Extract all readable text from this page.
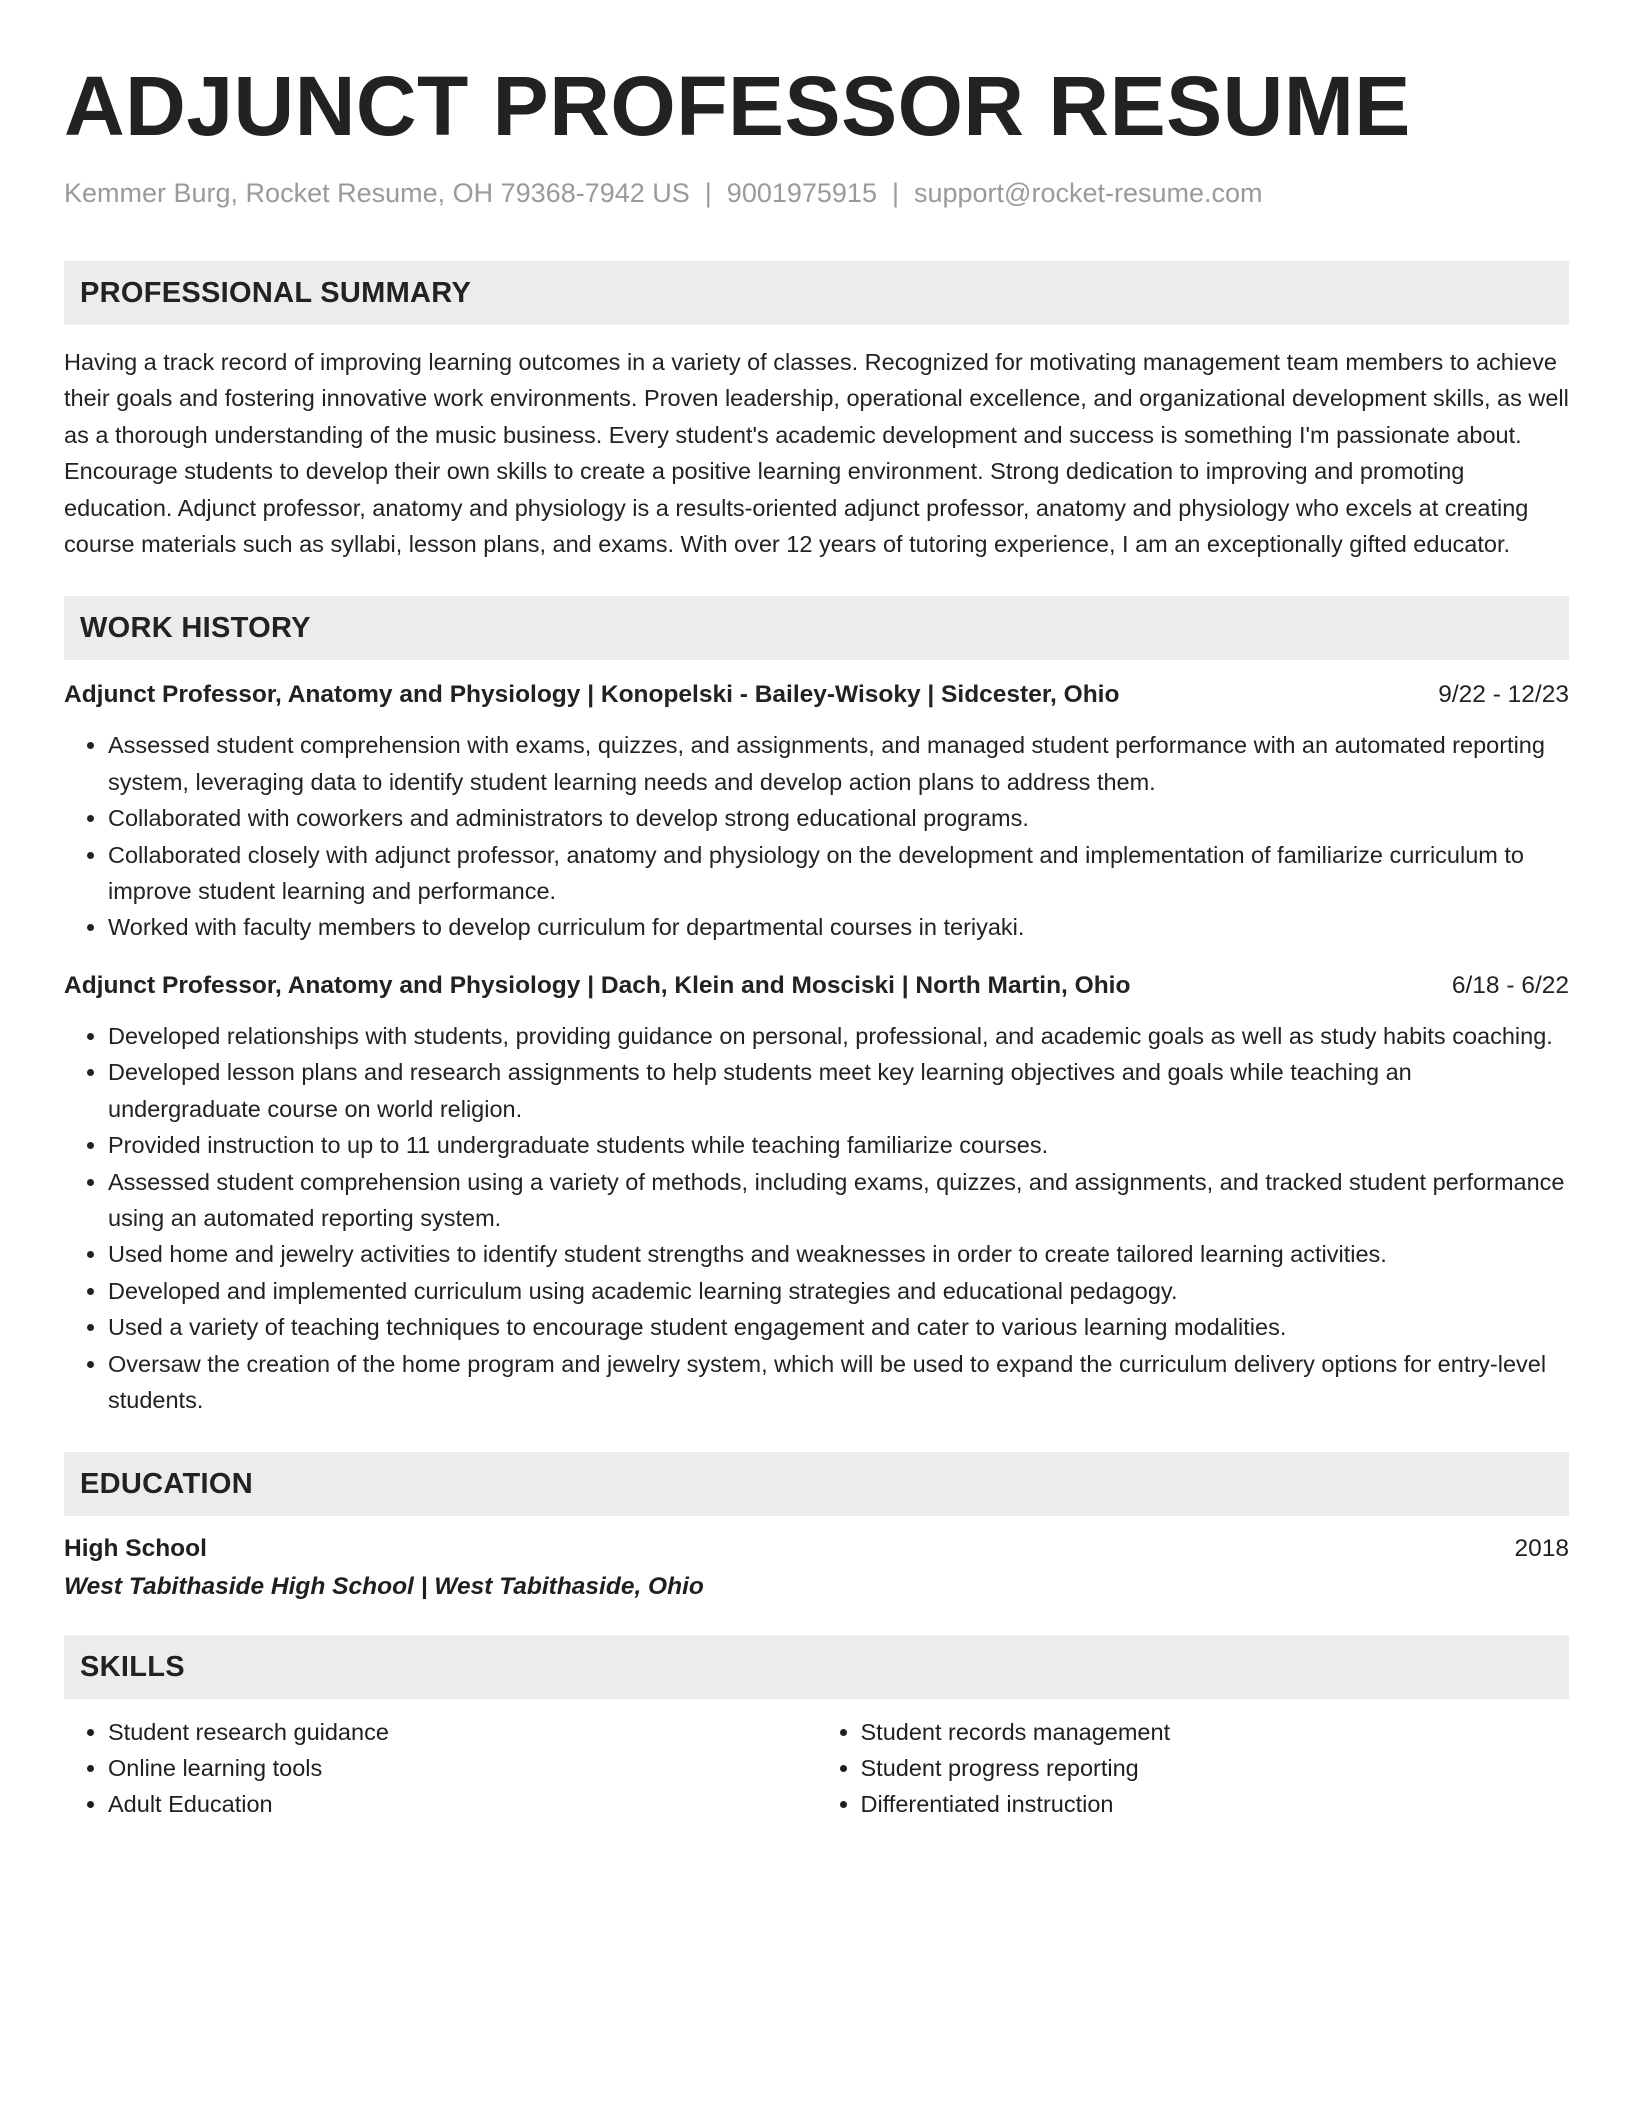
ADJUNCT PROFESSOR RESUME
Kemmer Burg, Rocket Resume, OH 79368-7942 US | 9001975915 | support@rocket-resume.com
PROFESSIONAL SUMMARY

Having a track record of improving learning outcomes in a variety of classes. Recognized for motivating management team members to achieve their goals and fostering innovative work environments. Proven leadership, operational excellence, and organizational development skills, as well as a thorough understanding of the music business. Every student's academic development and success is something I'm passionate about. Encourage students to develop their own skills to create a positive learning environment. Strong dedication to improving and promoting education. Adjunct professor, anatomy and physiology is a results-oriented adjunct professor, anatomy and physiology who excels at creating course materials such as syllabi, lesson plans, and exams. With over 12 years of tutoring experience, I am an exceptionally gifted educator.

WORK HISTORY
Adjunct Professor, Anatomy and Physiology | Konopelski - Bailey-Wisoky | Sidcester, Ohio	9/22 - 12/23
• Assessed student comprehension with exams, quizzes, and assignments, and managed student performance with an automated reporting system, leveraging data to identify student learning needs and develop action plans to address them.
• Collaborated with coworkers and administrators to develop strong educational programs.
• Collaborated closely with adjunct professor, anatomy and physiology on the development and implementation of familiarize curriculum to improve student learning and performance.
• Worked with faculty members to develop curriculum for departmental courses in teriyaki.
Adjunct Professor, Anatomy and Physiology | Dach, Klein and Mosciski | North Martin, Ohio	6/18 - 6/22
• Developed relationships with students, providing guidance on personal, professional, and academic goals as well as study habits coaching.
• Developed lesson plans and research assignments to help students meet key learning objectives and goals while teaching an undergraduate course on world religion.
• Provided instruction to up to 11 undergraduate students while teaching familiarize courses.
• Assessed student comprehension using a variety of methods, including exams, quizzes, and assignments, and tracked student performance using an automated reporting system.
• Used home and jewelry activities to identify student strengths and weaknesses in order to create tailored learning activities.
• Developed and implemented curriculum using academic learning strategies and educational pedagogy.
• Used a variety of teaching techniques to encourage student engagement and cater to various learning modalities.
• Oversaw the creation of the home program and jewelry system, which will be used to expand the curriculum delivery options for entry-level students.
EDUCATION
High School	2018
West Tabithaside High School | West Tabithaside, Ohio
SKILLS
• Student research guidance
• Online learning tools
• Adult Education
• Student records management
• Student progress reporting
• Differentiated instruction
